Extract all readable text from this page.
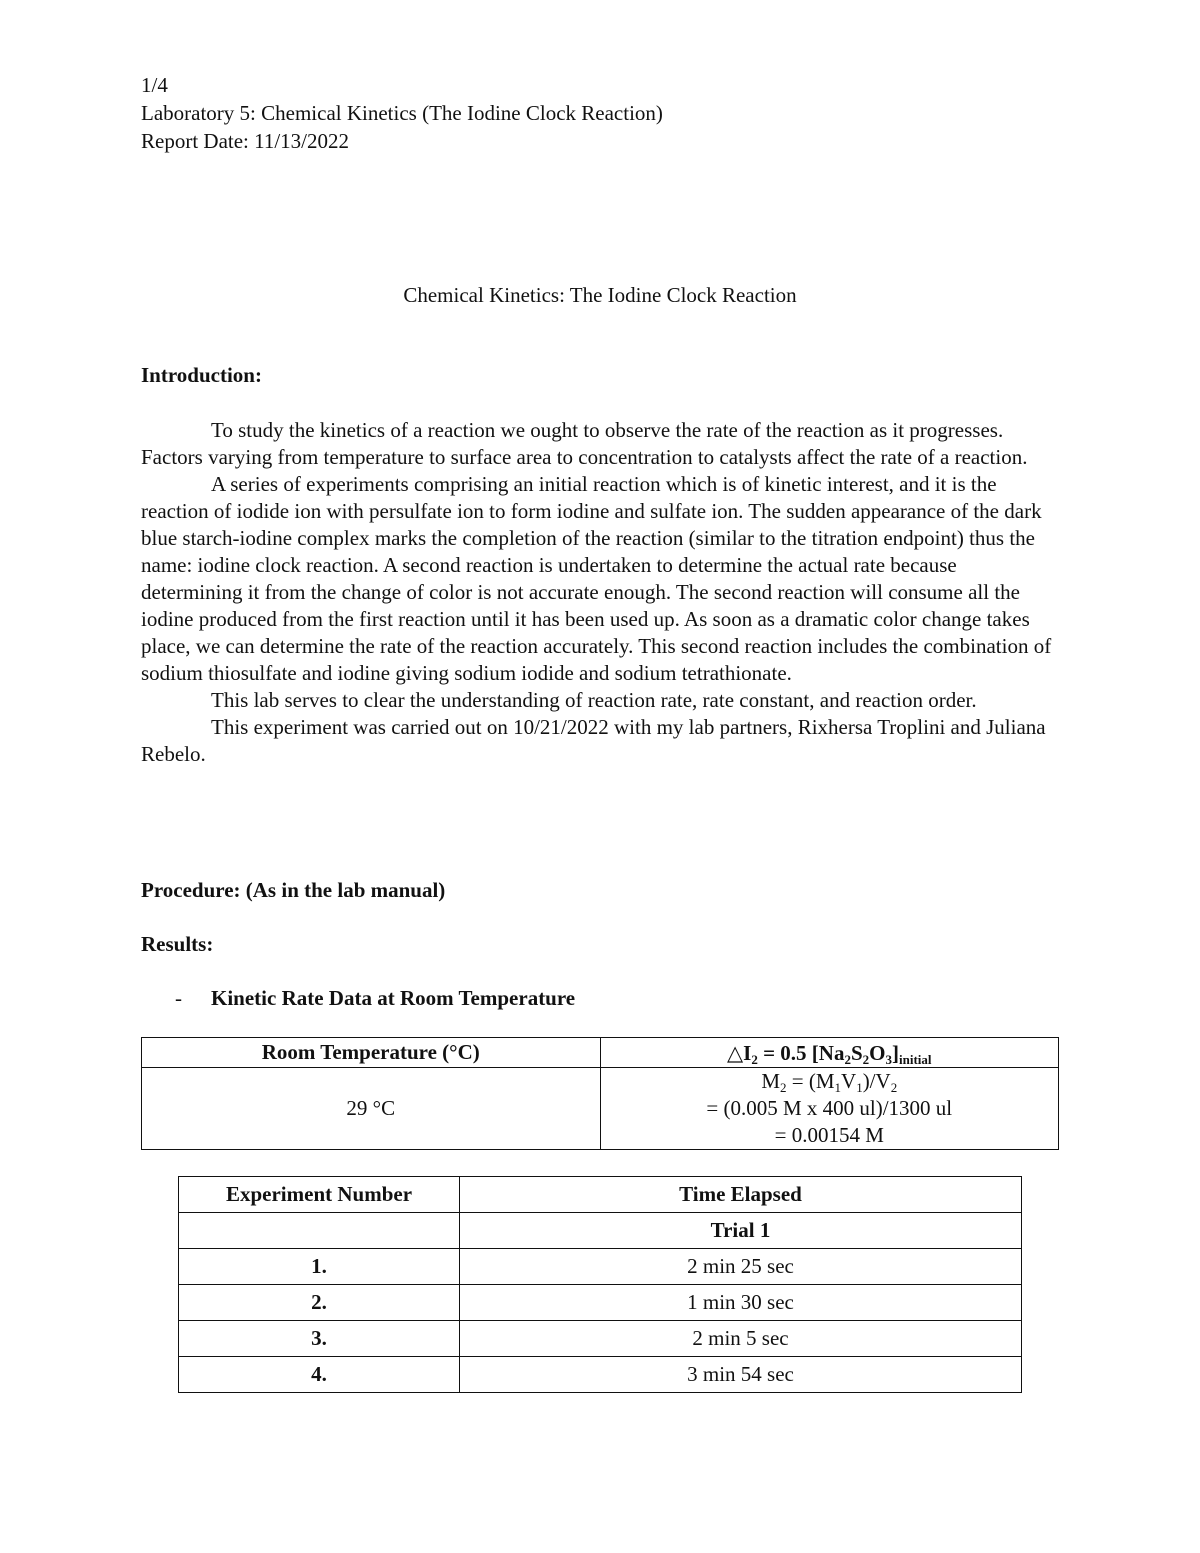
1/4
Laboratory 5: Chemical Kinetics (The Iodine Clock Reaction)
Report Date: 11/13/2022
Chemical Kinetics: The Iodine Clock Reaction
Introduction:

To study the kinetics of a reaction we ought to observe the rate of the reaction as it progresses. Factors varying from temperature to surface area to concentration to catalysts affect the rate of a reaction.

A series of experiments comprising an initial reaction which is of kinetic interest, and it is the reaction of iodide ion with persulfate ion to form iodine and sulfate ion. The sudden appearance of the dark blue starch-iodine complex marks the completion of the reaction (similar to the titration endpoint) thus the name: iodine clock reaction. A second reaction is undertaken to determine the actual rate because determining it from the change of color is not accurate enough. The second reaction will consume all the iodine produced from the first reaction until it has been used up. As soon as a dramatic color change takes place, we can determine the rate of the reaction accurately. This second reaction includes the combination of sodium thiosulfate and iodine giving sodium iodide and sodium tetrathionate.

This lab serves to clear the understanding of reaction rate, rate constant, and reaction order.

This experiment was carried out on 10/21/2022 with my lab partners, Rixhersa Troplini and Juliana Rebelo.

Procedure: (As in the lab manual)
Results:
- Kinetic Rate Data at Room Temperature
Room Temperature (°C)	$\triangle I_2 = 0.5$ $[Na_2S_2O_3]_{initial}$
29 °C	$M_2 = (M_1V_1)/V_2$
= (0.005 M x 400 ul)/1300 ul
= 0.00154 M
Experiment Number	Time Elapsed
	Trial 1
1.	2 min 25 sec
2.	1 min 30 sec
3.	2 min 5 sec
4.	3 min 54 sec
